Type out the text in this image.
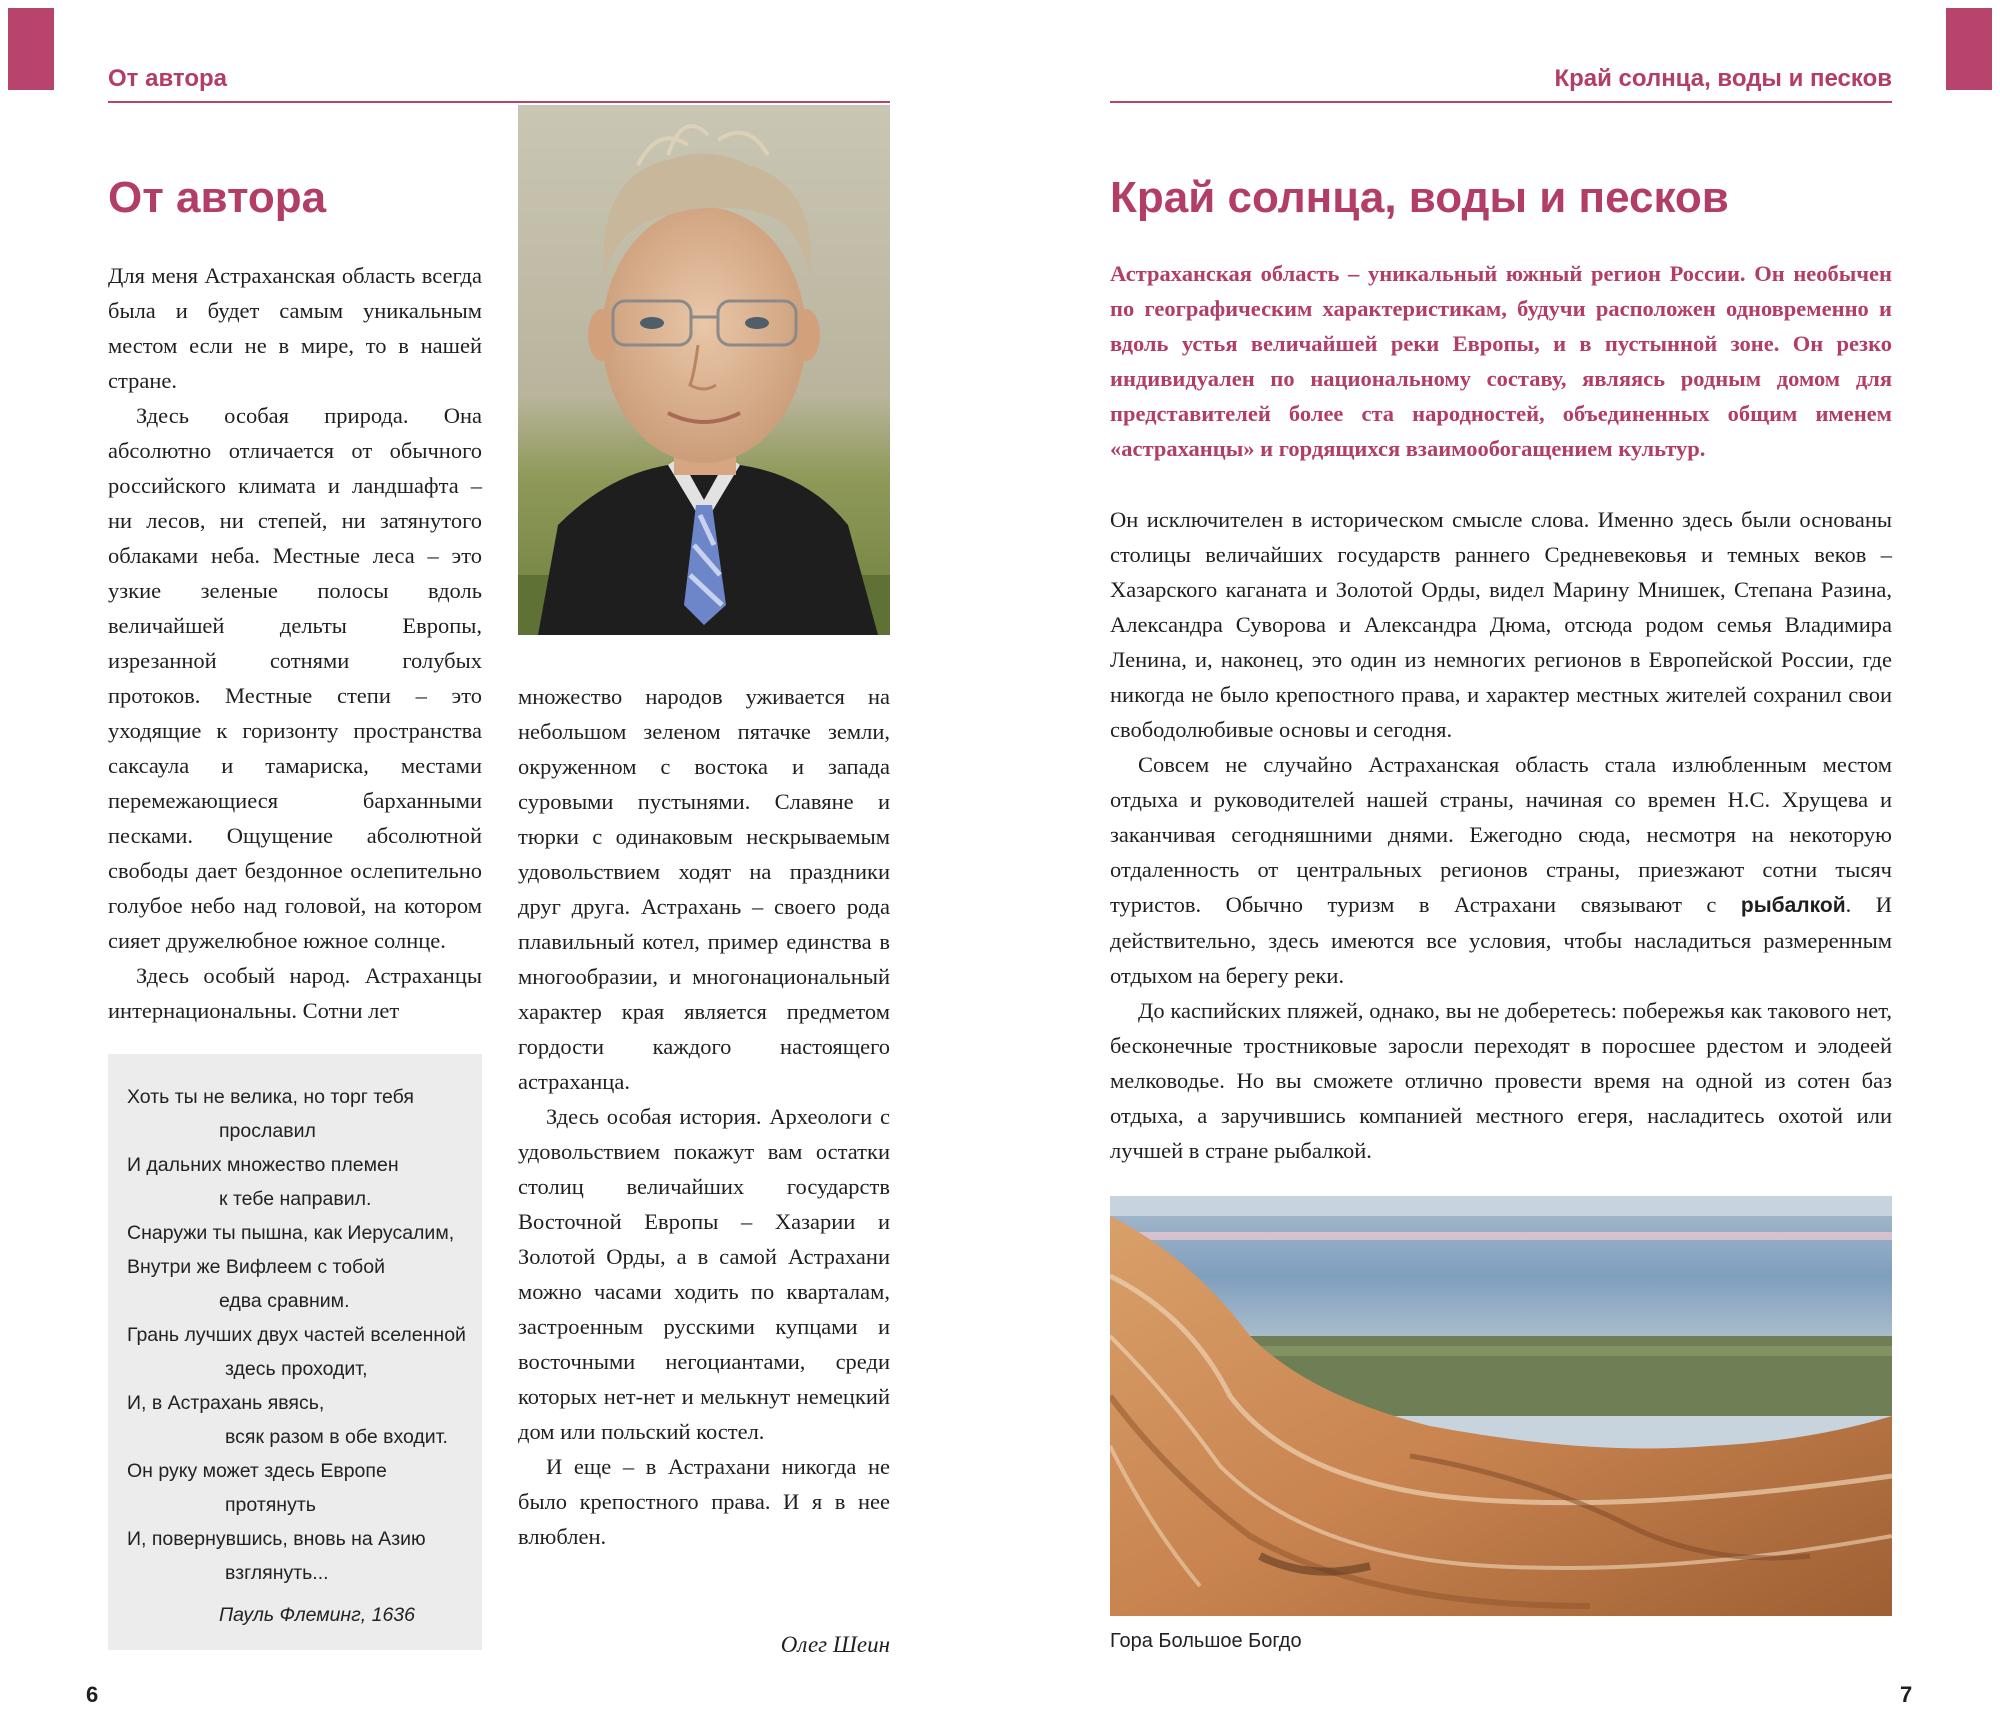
От автора
От автора

Для меня Астраханская область всегда была и будет самым уникальным местом если не в мире, то в нашей стране.

Здесь особая природа. Она абсолютно отличается от обычного российского климата и ландшафта – ни лесов, ни степей, ни затянутого облаками неба. Местные леса – это узкие зеленые полосы вдоль величайшей дельты Европы, изрезанной сотнями голубых протоков. Местные степи – это уходящие к горизонту пространства саксаула и тамариска, местами перемежающиеся барханными песками. Ощущение абсолютной свободы дает бездонное ослепительно голубое небо над головой, на котором сияет дружелюбное южное солнце.

Здесь особый народ. Астраханцы интернациональны. Сотни лет

множество народов уживается на небольшом зеленом пятачке земли, окруженном с востока и запада суровыми пустынями. Славяне и тюрки с одинаковым нескрываемым удовольствием ходят на праздники друг друга. Астрахань – своего рода плавильный котел, пример единства в многообразии, и многонациональный характер края является предметом гордости каждого настоящего астраханца.

Здесь особая история. Археологи с удовольствием покажут вам остатки столиц величайших государств Восточной Европы – Хазарии и Золотой Орды, а в самой Астрахани можно часами ходить по кварталам, застроенным русскими купцами и восточными негоциантами, среди которых нет-нет и мелькнут немецкий дом или польский костел.

И еще – в Астрахани никогда не было крепостного права. И я в нее влюблен.

Хоть ты не велика, но торг тебя
прославил
И дальних множество племен
к тебе направил.
Снаружи ты пышна, как Иерусалим,
Внутри же Вифлеем с тобой
едва сравним.
Грань лучших двух частей вселенной
здесь проходит,
И, в Астрахань явясь,
всяк разом в обе входит.
Он руку может здесь Европе
протянуть
И, повернувшись, вновь на Азию
взглянуть...
Пауль Флеминг, 1636
Олег Шеин
6
Край солнца, воды и песков
Край солнца, воды и песков
Астраханская область – уникальный южный регион России. Он необычен по географическим характеристикам, будучи расположен одновременно и вдоль устья величайшей реки Европы, и в пустынной зоне. Он резко индивидуален по национальному составу, являясь родным домом для представителей более ста народностей, объединенных общим именем «астраханцы» и гордящихся взаимообогащением культур.

Он исключителен в историческом смысле слова. Именно здесь были основаны столицы величайших государств раннего Средневековья и темных веков – Хазарского каганата и Золотой Орды, видел Марину Мнишек, Степана Разина, Александра Суворова и Александра Дюма, отсюда родом семья Владимира Ленина, и, наконец, это один из немногих регионов в Европейской России, где никогда не было крепостного права, и характер местных жителей сохранил свои свободолюбивые основы и сегодня.

Совсем не случайно Астраханская область стала излюбленным местом отдыха и руководителей нашей страны, начиная со времен Н.С. Хрущева и заканчивая сегодняшними днями. Ежегодно сюда, несмотря на некоторую отдаленность от центральных регионов страны, приезжают сотни тысяч туристов. Обычно туризм в Астрахани связывают с рыбалкой. И действительно, здесь имеются все условия, чтобы насладиться размеренным отдыхом на берегу реки.

До каспийских пляжей, однако, вы не доберетесь: побережья как такового нет, бесконечные тростниковые заросли переходят в поросшее рдестом и элодеей мелководье. Но вы сможете отлично провести время на одной из сотен баз отдыха, а заручившись компанией местного егеря, насладитесь охотой или лучшей в стране рыбалкой.

Гора Большое Богдо
7
